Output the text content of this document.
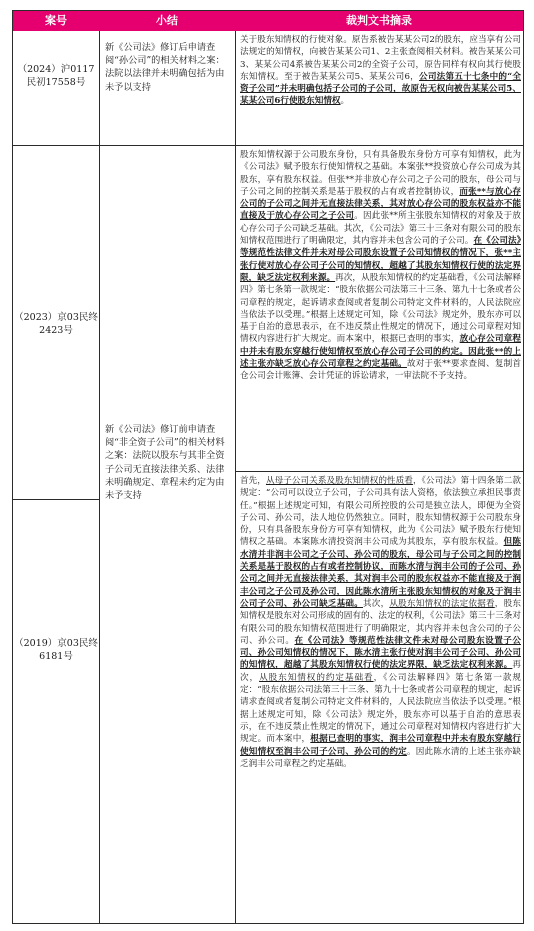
案号	小结	裁判文书摘录
（2024）沪0117民初17558号
新《公司法》修订后申请查阅“孙公司”的相关材料之案：法院以法律并未明确包括为由未予以支持

关于股东知情权的行使对象。原告系被告某某公司2的股东，应当享有公司法规定的知情权，向被告某某公司1、2主张查阅相关材料。被告某某公司3、某某公司4系被告某某公司2的全资子公司，原告同样有权向其行使股东知情权。至于被告某某公司5、某某公司6，公司法第五十七条中的“全资子公司”并未明确包括子公司的子公司，故原告无权向被告某某公司5、某某公司6行使股东知情权。

（2023）京03民终2423号
新《公司法》修订前申请查阅“非全资子公司”的相关材料之案：法院以股东与其非全资子公司无直接法律关系、法律未明确规定、章程未约定为由未予支持

股东知情权源于公司股东身份，只有具备股东身份方可享有知情权，此为《公司法》赋予股东行使知情权之基础。本案张**投资放心存公司成为其股东，享有股东权益。但张**并非放心存公司之子公司的股东，母公司与子公司之间的控制关系是基于股权的占有或者控制协议，而张**与放心存公司的子公司之间并无直接法律关系，其对放心存公司的股东权益亦不能直接及于放心存公司之子公司。因此张**所主张股东知情权的对象及于放心存公司子公司缺乏基础。其次，《公司法》第三十三条对有限公司的股东知情权范围进行了明确限定，其内容并未包含公司的子公司。在《公司法》等规范性法律文件并未对母公司股东设置子公司知情权的情况下，张**主张行使对放心存公司子公司的知情权，超越了其股东知情权行使的法定界限，缺乏法定权利来源。再次，从股东知情权的约定基础看，《公司法解释四》第七条第一款规定：“股东依据公司法第三十三条、第九十七条或者公司章程的规定，起诉请求查阅或者复制公司特定文件材料的，人民法院应当依法予以受理。”根据上述规定可知，除《公司法》规定外，股东亦可以基于自治的意思表示，在不违反禁止性规定的情况下，通过公司章程对知情权内容进行扩大规定。而本案中，根据已查明的事实，放心存公司章程中并未有股东穿越行使知情权至放心存公司子公司的约定。因此张**的上述主张亦缺乏放心存公司章程之约定基础。故对于张**要求查阅、复制首仓公司会计账簿、会计凭证的诉讼请求，一审法院不予支持。

（2019）京03民终6181号

首先，从母子公司关系及股东知情权的性质看，《公司法》第十四条第二款规定：“公司可以设立子公司，子公司具有法人资格，依法独立承担民事责任。”根据上述规定可知，有限公司所控股的公司是独立法人，即便为全资子公司、孙公司，法人地位仍然独立。同时，股东知情权源于公司股东身份，只有具备股东身份方可享有知情权，此为《公司法》赋予股东行使知情权之基础。本案陈水清投资润丰公司成为其股东，享有股东权益。但陈水清并非润丰公司之子公司、孙公司的股东，母公司与子公司之间的控制关系是基于股权的占有或者控制协议，而陈水清与润丰公司的子公司、孙公司之间并无直接法律关系，其对润丰公司的股东权益亦不能直接及于润丰公司之子公司及孙公司，因此陈水清所主张股东知情权的对象及于润丰公司子公司、孙公司缺乏基础。其次，从股东知情权的法定依据看，股东知情权是股东对公司形成的固有的、法定的权利，《公司法》第三十三条对有限公司的股东知情权范围进行了明确限定，其内容并未包含公司的子公司、孙公司。在《公司法》等规范性法律文件未对母公司股东设置子公司、孙公司知情权的情况下，陈水清主张行使对润丰公司子公司、孙公司的知情权，超越了其股东知情权行使的法定界限，缺乏法定权利来源。再次，从股东知情权的约定基础看，《公司法解释四》第七条第一款规定：“股东依据公司法第三十三条、第九十七条或者公司章程的规定，起诉请求查阅或者复制公司特定文件材料的，人民法院应当依法予以受理。”根据上述规定可知，除《公司法》规定外，股东亦可以基于自治的意思表示，在不违反禁止性规定的情况下，通过公司章程对知情权内容进行扩大规定。而本案中，根据已查明的事实，润丰公司章程中并未有股东穿越行使知情权至润丰公司子公司、孙公司的约定。因此陈水清的上述主张亦缺乏润丰公司章程之约定基础。
